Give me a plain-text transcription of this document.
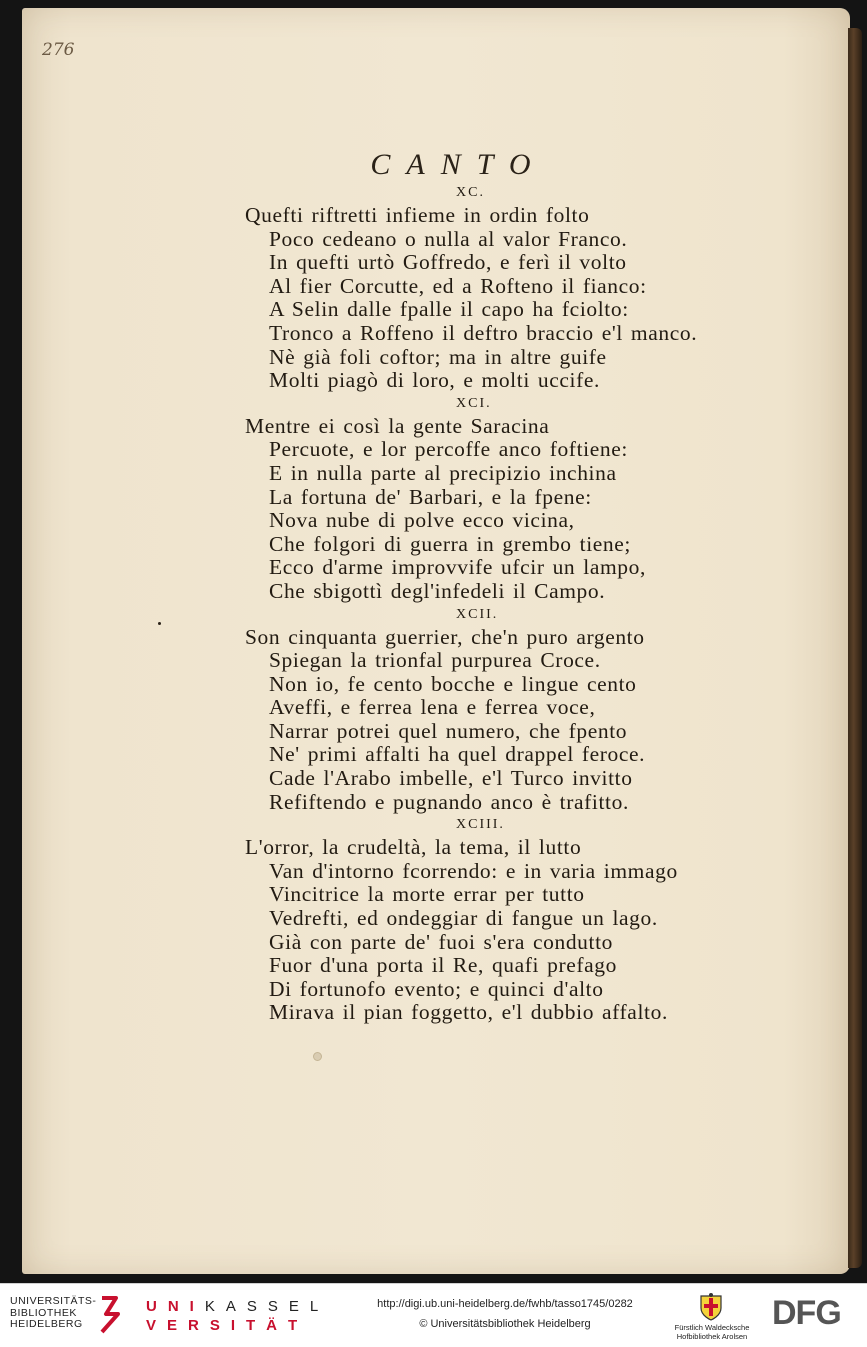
276
CANTO
XC.
Quefti riftretti infieme in ordin folto
Poco cedeano o nulla al valor Franco.
In quefti urtò Goffredo, e ferì il volto
Al fier Corcutte, ed a Rofteno il fianco:
A Selin dalle fpalle il capo ha fciolto:
Tronco a Roffeno il deftro braccio e'l manco.
Nè già foli coftor; ma in altre guife
Molti piagò di loro, e molti uccife.
XCI.
Mentre ei così la gente Saracina
Percuote, e lor percoffe anco foftiene:
E in nulla parte al precipizio inchina
La fortuna de' Barbari, e la fpene:
Nova nube di polve ecco vicina,
Che folgori di guerra in grembo tiene;
Ecco d'arme improvvife ufcir un lampo,
Che sbigottì degl'infedeli il Campo.
XCII.
Son cinquanta guerrier, che'n puro argento
Spiegan la trionfal purpurea Croce.
Non io, fe cento bocche e lingue cento
Aveffi, e ferrea lena e ferrea voce,
Narrar potrei quel numero, che fpento
Ne' primi affalti ha quel drappel feroce.
Cade l'Arabo imbelle, e'l Turco invitto
Refiftendo e pugnando anco è trafitto.
XCIII.
L'orror, la crudeltà, la tema, il lutto
Van d'intorno fcorrendo: e in varia immago
Vincitrice la morte errar per tutto
Vedrefti, ed ondeggiar di fangue un lago.
Già con parte de' fuoi s'era condutto
Fuor d'una porta il Re, quafi prefago
Di fortunofo evento; e quinci d'alto
Mirava il pian foggetto, e'l dubbio affalto.
UNIVERSITÄTS-
BIBLIOTHEK
HEIDELBERG
UNIKASSEL
VERSITÄT
http://digi.ub.uni-heidelberg.de/fwhb/tasso1745/0282
© Universitätsbibliothek Heidelberg	Fürstlich Waldecksche
Hofbibliothek Arolsen
DFG
